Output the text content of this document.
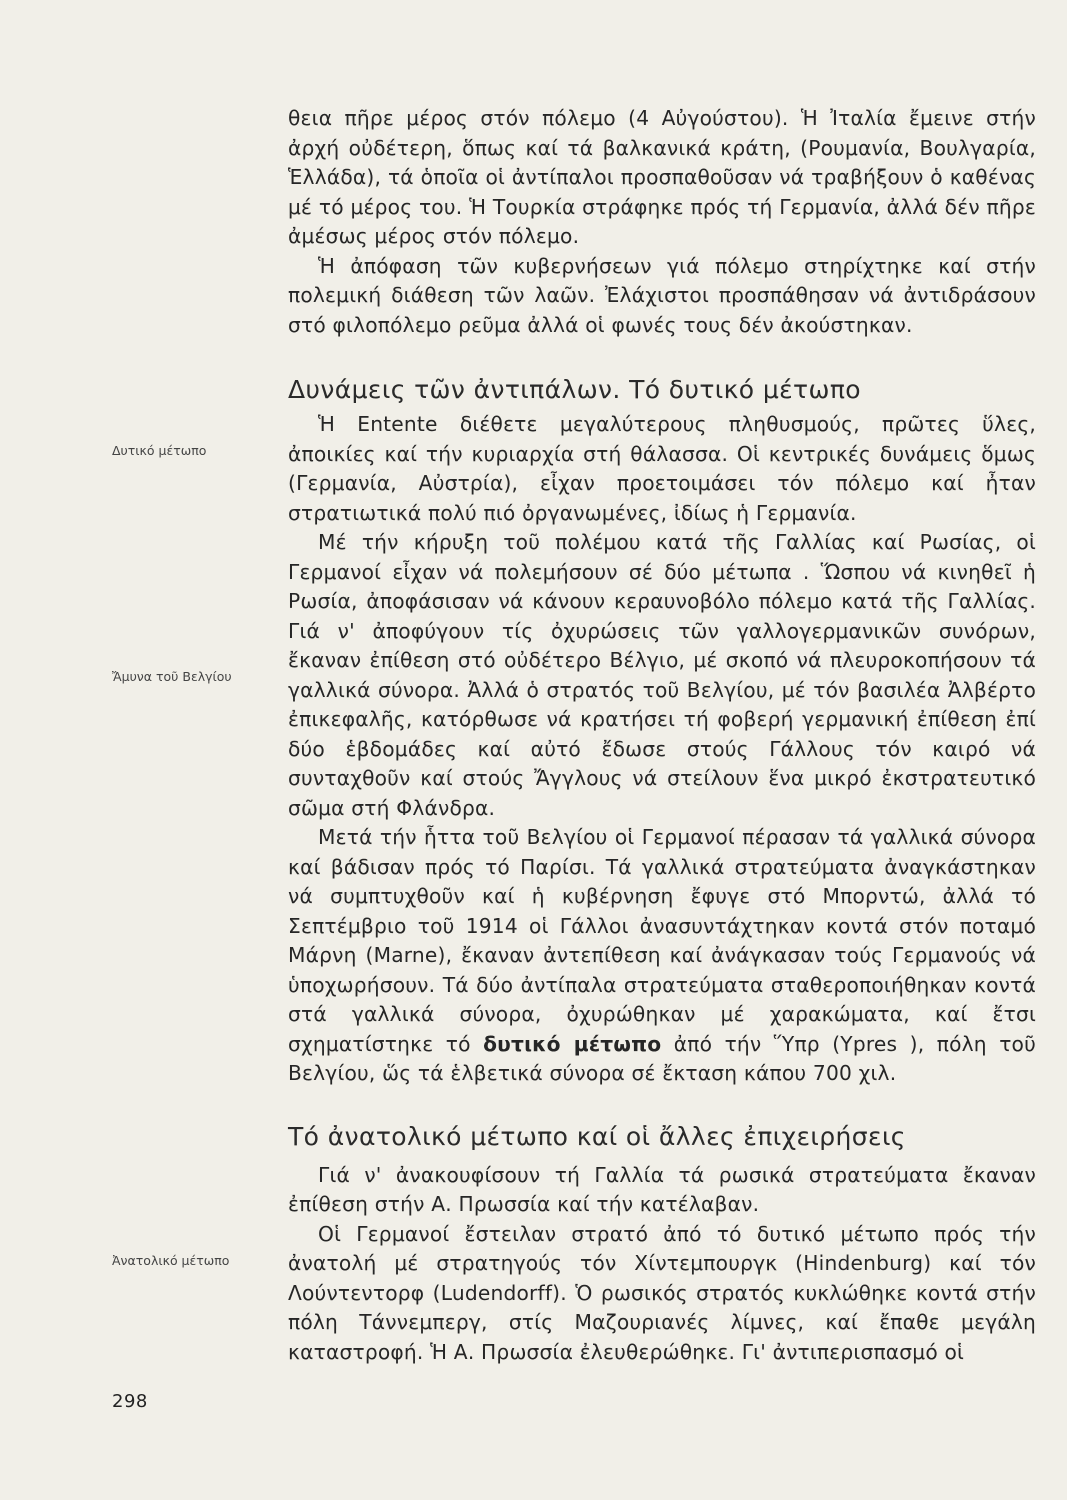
Δυτικό μέτωπο
Ἄμυνα τοῦ Βελγίου
Ἀνατολικό μέτωπο
298

θεια πῆρε μέρος στόν πόλεμο (4 Αὐγούστου). Ἡ Ἰταλία ἔμεινε στήν ἀρχή οὐδέτερη, ὅπως καί τά βαλκανικά κράτη, (Ρουμανία, Βουλγαρία, Ἑλλάδα), τά ὁποῖα οἱ ἀντίπαλοι προσπαθοῦσαν νά τραβήξουν ὁ καθένας μέ τό μέρος του. Ἡ Τουρκία στράφηκε πρός τή Γερμανία, ἀλλά δέν πῆρε ἀμέσως μέρος στόν πόλεμο.

Ἡ ἀπόφαση τῶν κυβερνήσεων γιά πόλεμο στηρίχτηκε καί στήν πολεμική διάθεση τῶν λαῶν. Ἐλάχιστοι προσπάθησαν νά ἀντιδράσουν στό φιλοπόλεμο ρεῦμα ἀλλά οἱ φωνές τους δέν ἀκούστηκαν.

Δυνάμεις τῶν ἀντιπάλων. Τό δυτικό μέτωπο

Ἡ Entente διέθετε μεγαλύτερους πληθυσμούς, πρῶτες ὕλες, ἀποικίες καί τήν κυριαρχία στή θάλασσα. Οἱ κεντρικές δυνάμεις ὅμως (Γερμανία, Αὐστρία), εἶχαν προετοιμάσει τόν πόλεμο καί ἦταν στρατιωτικά πολύ πιό ὀργανωμένες, ἰδίως ἡ Γερμανία.

Μέ τήν κήρυξη τοῦ πολέμου κατά τῆς Γαλλίας καί Ρωσίας, οἱ Γερμανοί εἶχαν νά πολεμήσουν σέ δύο μέτωπα . Ὥσπου νά κινηθεῖ ἡ Ρωσία, ἀποφάσισαν νά κάνουν κεραυνοβόλο πόλεμο κατά τῆς Γαλλίας. Γιά ν' ἀποφύγουν τίς ὀχυρώσεις τῶν γαλλογερμανικῶν συνόρων, ἔκαναν ἐπίθεση στό οὐδέτερο Βέλγιο, μέ σκοπό νά πλευροκοπήσουν τά γαλλικά σύνορα. Ἀλλά ὁ στρατός τοῦ Βελγίου, μέ τόν βασιλέα Ἀλβέρτο ἐπικεφαλῆς, κατόρθωσε νά κρατήσει τή φοβερή γερμανική ἐπίθεση ἐπί δύο ἑβδομάδες καί αὐτό ἔδωσε στούς Γάλλους τόν καιρό νά συνταχθοῦν καί στούς Ἄγγλους νά στείλουν ἕνα μικρό ἐκστρατευτικό σῶμα στή Φλάνδρα.

Μετά τήν ἧττα τοῦ Βελγίου οἱ Γερμανοί πέρασαν τά γαλλικά σύνορα καί βάδισαν πρός τό Παρίσι. Τά γαλλικά στρατεύματα ἀναγκάστηκαν νά συμπτυχθοῦν καί ἡ κυβέρνηση ἔφυγε στό Μπορντώ, ἀλλά τό Σεπτέμβριο τοῦ 1914 οἱ Γάλλοι ἀνασυντάχτηκαν κοντά στόν ποταμό Μάρνη (Marne), ἔκαναν ἀντεπίθεση καί ἀνάγκασαν τούς Γερμανούς νά ὑποχωρήσουν. Τά δύο ἀντίπαλα στρατεύματα σταθεροποιήθηκαν κοντά στά γαλλικά σύνορα, ὀχυρώθηκαν μέ χαρακώματα, καί ἔτσι σχηματίστηκε τό δυτικό μέτωπο ἀπό τήν Ὕπρ (Ypres ), πόλη τοῦ Βελγίου, ὥς τά ἑλβετικά σύνορα σέ ἔκταση κάπου 700 χιλ.

Τό ἀνατολικό μέτωπο καί οἱ ἄλλες ἐπιχειρήσεις

Γιά ν' ἀνακουφίσουν τή Γαλλία τά ρωσικά στρατεύματα ἔκαναν ἐπίθεση στήν Α. Πρωσσία καί τήν κατέλαβαν.

Οἱ Γερμανοί ἔστειλαν στρατό ἀπό τό δυτικό μέτωπο πρός τήν ἀνατολή μέ στρατηγούς τόν Χίντεμπουργκ (Hindenburg) καί τόν Λούντεντορφ (Ludendorff). Ὁ ρωσικός στρατός κυκλώθηκε κοντά στήν πόλη Τάννεμπεργ, στίς Μαζουριανές λίμνες, καί ἔπαθε μεγάλη καταστροφή. Ἡ Α. Πρωσσία ἐλευθερώθηκε. Γι' ἀντιπερισπασμό οἱ
